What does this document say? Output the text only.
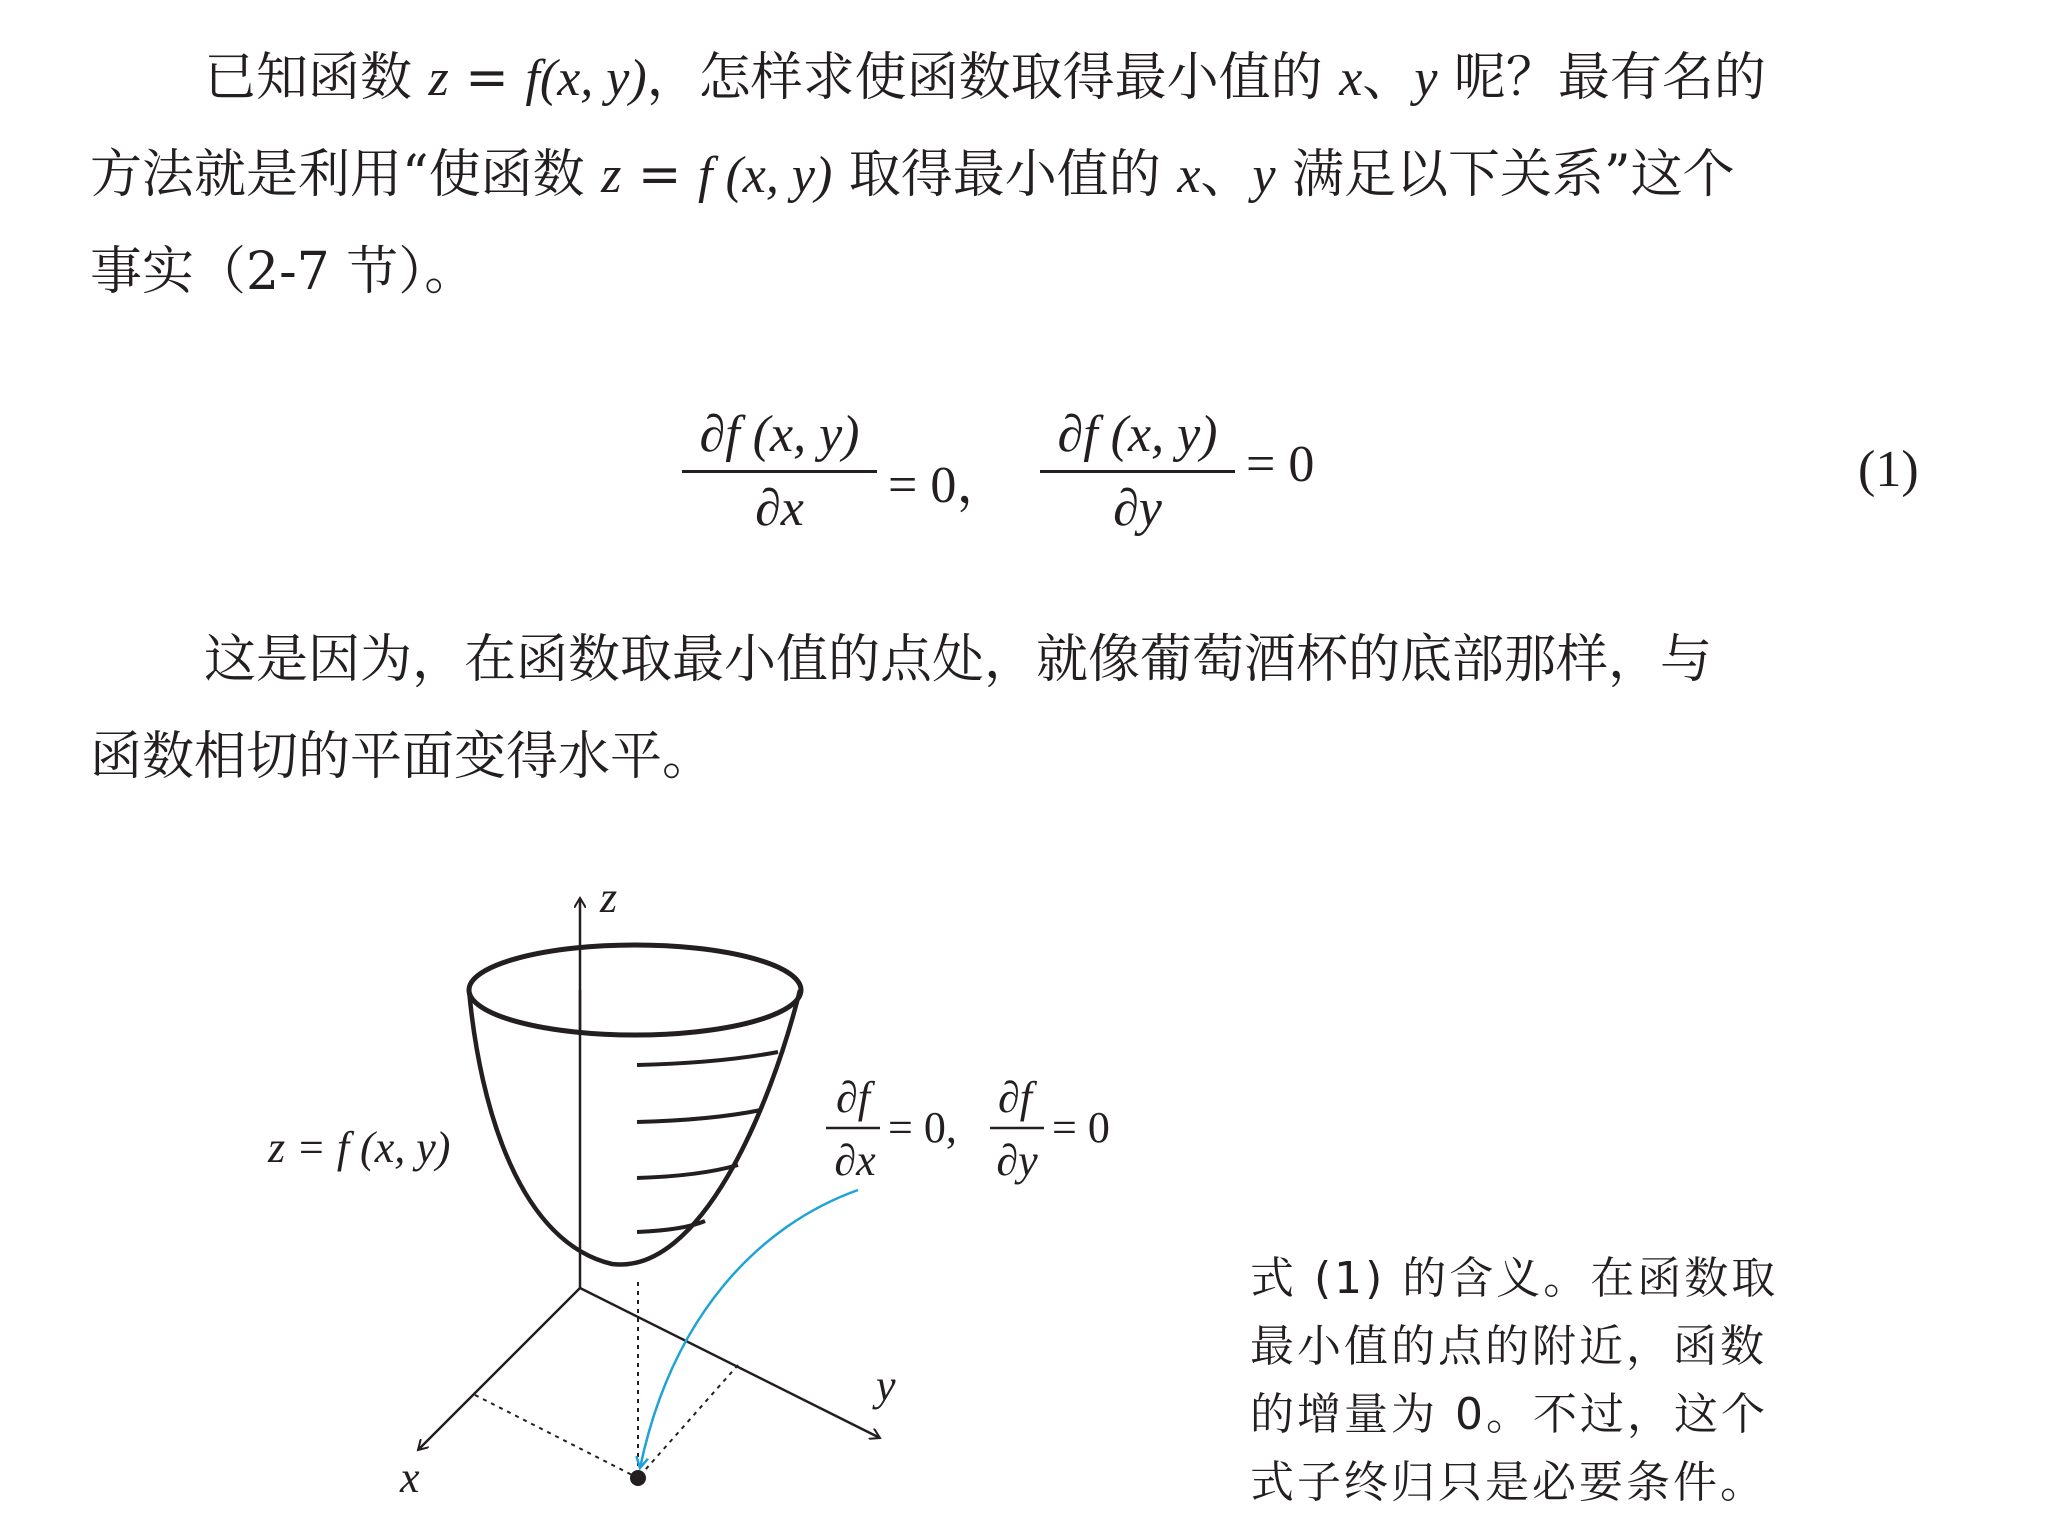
已知函数 z = f(x, y)，怎样求使函数取得最小值的 x、y 呢？最有名的
方法就是利用“使函数 z = f (x, y) 取得最小值的 x、y 满足以下关系”这个
事实（2-7 节）。
∂f (x, y)
∂x	= 0，
∂f (x, y)
∂y
= 0	(1)
这是因为，在函数取最小值的点处，就像葡萄酒杯的底部那样，与
函数相切的平面变得水平。
z
x
y
z = f (x, y)
∂f
∂x
= 0,
∂f
∂y
= 0
式 (1) 的含义。在函数取
最小值的点的附近，函数
的增量为 0。不过，这个
式子终归只是必要条件。
